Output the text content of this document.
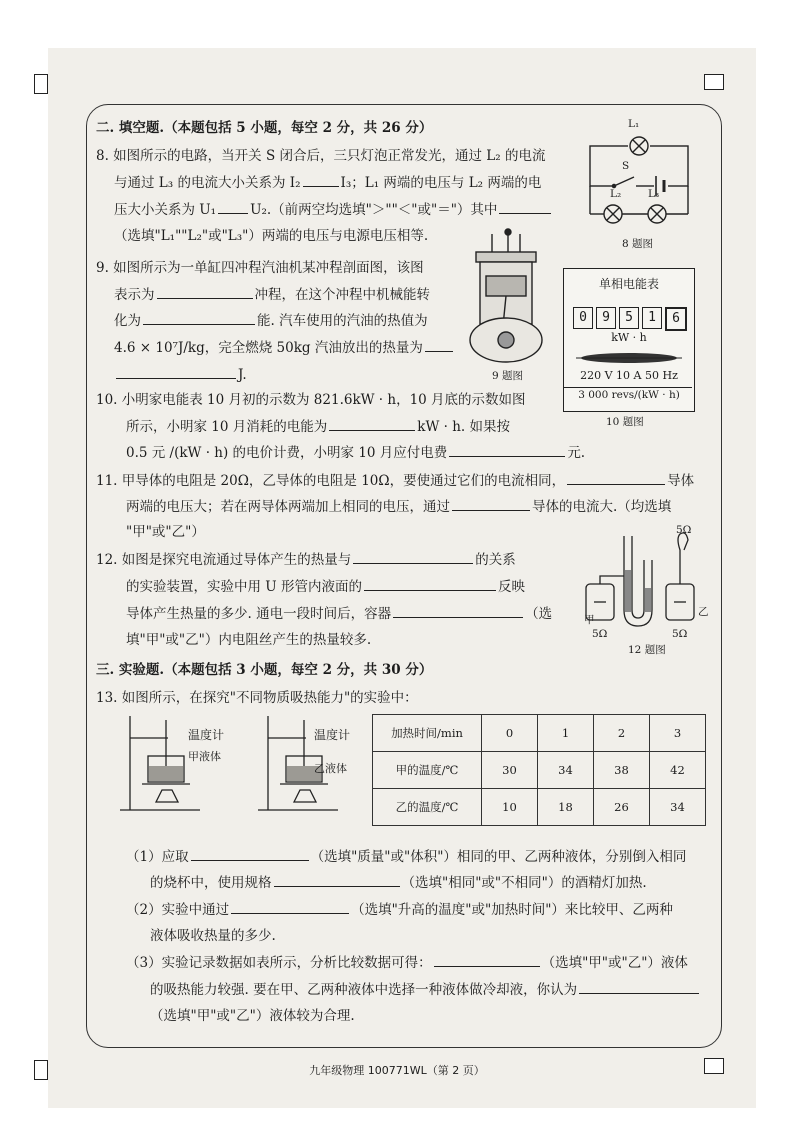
二. 填空题.（本题包括 5 小题，每空 2 分，共 26 分）
8. 如图所示的电路，当开关 S 闭合后，三只灯泡正常发光，通过 L₂ 的电流
与通过 L₃ 的电流大小关系为 I₂	I₃；L₁ 两端的电压与 L₂ 两端的电
压大小关系为 U₁	U₂.（前两空均选填"＞""＜"或"＝"）其中
（选填"L₁""L₂"或"L₃"）两端的电压与电源电压相等.
L₁
S
L₂	L₃
8 题图
9. 如图所示为一单缸四冲程汽油机某冲程剖面图，该图
表示为	冲程，在这个冲程中机械能转
化为	能. 汽车使用的汽油的热值为
4.6 × 10⁷J/kg，完全燃烧 50kg 汽油放出的热量为
J.	9 题图
单相电能表
0	9	5	1	6
kW · h
220 V 10 A 50 Hz
3 000 revs/(kW · h)
10 题图
10. 小明家电能表 10 月初的示数为 821.6kW · h，10 月底的示数如图
所示，小明家 10 月消耗的电能为	kW · h. 如果按
0.5 元 /(kW · h) 的电价计费，小明家 10 月应付电费	元.
11. 甲导体的电阻是 20Ω，乙导体的电阻是 10Ω，要使通过它们的电流相同，	导体
两端的电压大；若在两导体两端加上相同的电压，通过	导体的电流大.（均选填
"甲"或"乙"）
12. 如图是探究电流通过导体产生的热量与	的关系
的实验装置，实验中用 U 形管内液面的	反映
导体产生热量的多少. 通电一段时间后，容器	（选
填"甲"或"乙"）内电阻丝产生的热量较多.
5Ω
甲
乙
5Ω	5Ω
12 题图
三. 实验题.（本题包括 3 小题，每空 2 分，共 30 分）
13. 如图所示，在探究"不同物质吸热能力"的实验中：
温度计
甲液体
温度计
乙液体
加热时间/min	0	1	2	3
甲的温度/℃	30	34	38	42
乙的温度/℃	10	18	26	34
（1）应取	（选填"质量"或"体积"）相同的甲、乙两种液体，分别倒入相同
的烧杯中，使用规格	（选填"相同"或"不相同"）的酒精灯加热.
（2）实验中通过	（选填"升高的温度"或"加热时间"）来比较甲、乙两种
液体吸收热量的多少.
（3）实验记录数据如表所示，分析比较数据可得：	（选填"甲"或"乙"）液体
的吸热能力较强. 要在甲、乙两种液体中选择一种液体做冷却液，你认为
（选填"甲"或"乙"）液体较为合理.
九年级物理 100771WL（第 2 页）
